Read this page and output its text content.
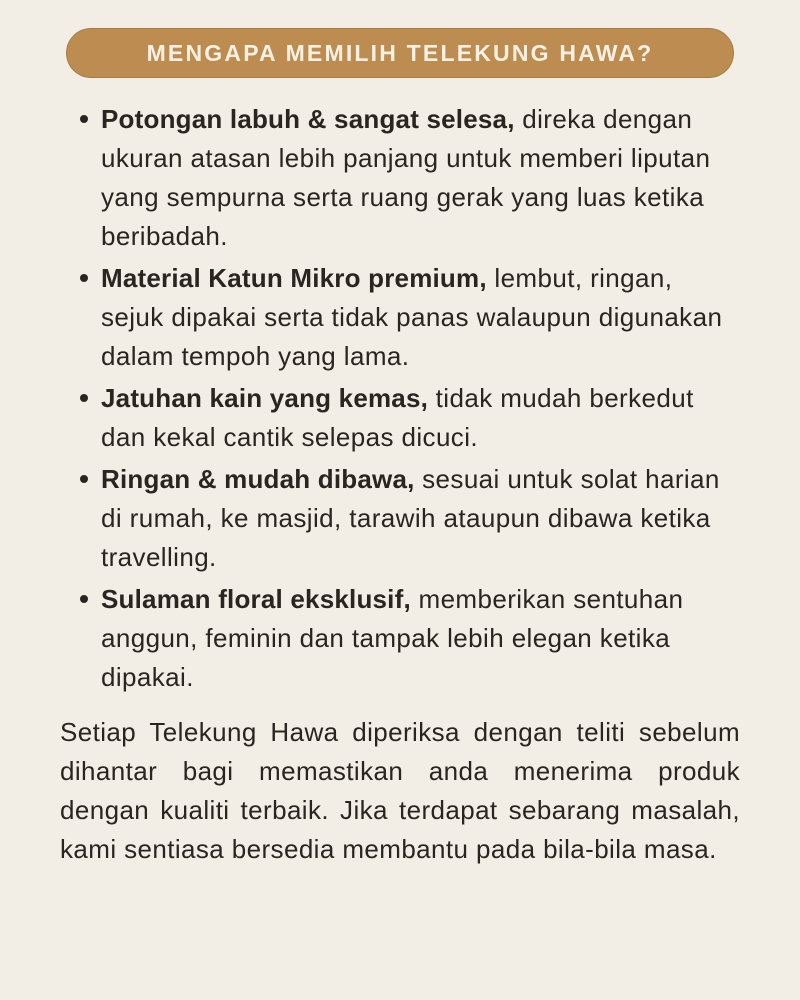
MENGAPA MEMILIH TELEKUNG HAWA?
Potongan labuh & sangat selesa, direka dengan ukuran atasan lebih panjang untuk memberi liputan yang sempurna serta ruang gerak yang luas ketika beribadah.
Material Katun Mikro premium, lembut, ringan, sejuk dipakai serta tidak panas walaupun digunakan dalam tempoh yang lama.
Jatuhan kain yang kemas, tidak mudah berkedut dan kekal cantik selepas dicuci.
Ringan & mudah dibawa, sesuai untuk solat harian di rumah, ke masjid, tarawih ataupun dibawa ketika travelling.
Sulaman floral eksklusif, memberikan sentuhan anggun, feminin dan tampak lebih elegan ketika dipakai.

Setiap Telekung Hawa diperiksa dengan teliti sebelum dihantar bagi memastikan anda menerima produk dengan kualiti terbaik. Jika terdapat sebarang masalah, kami sentiasa bersedia membantu pada bila-bila masa.
